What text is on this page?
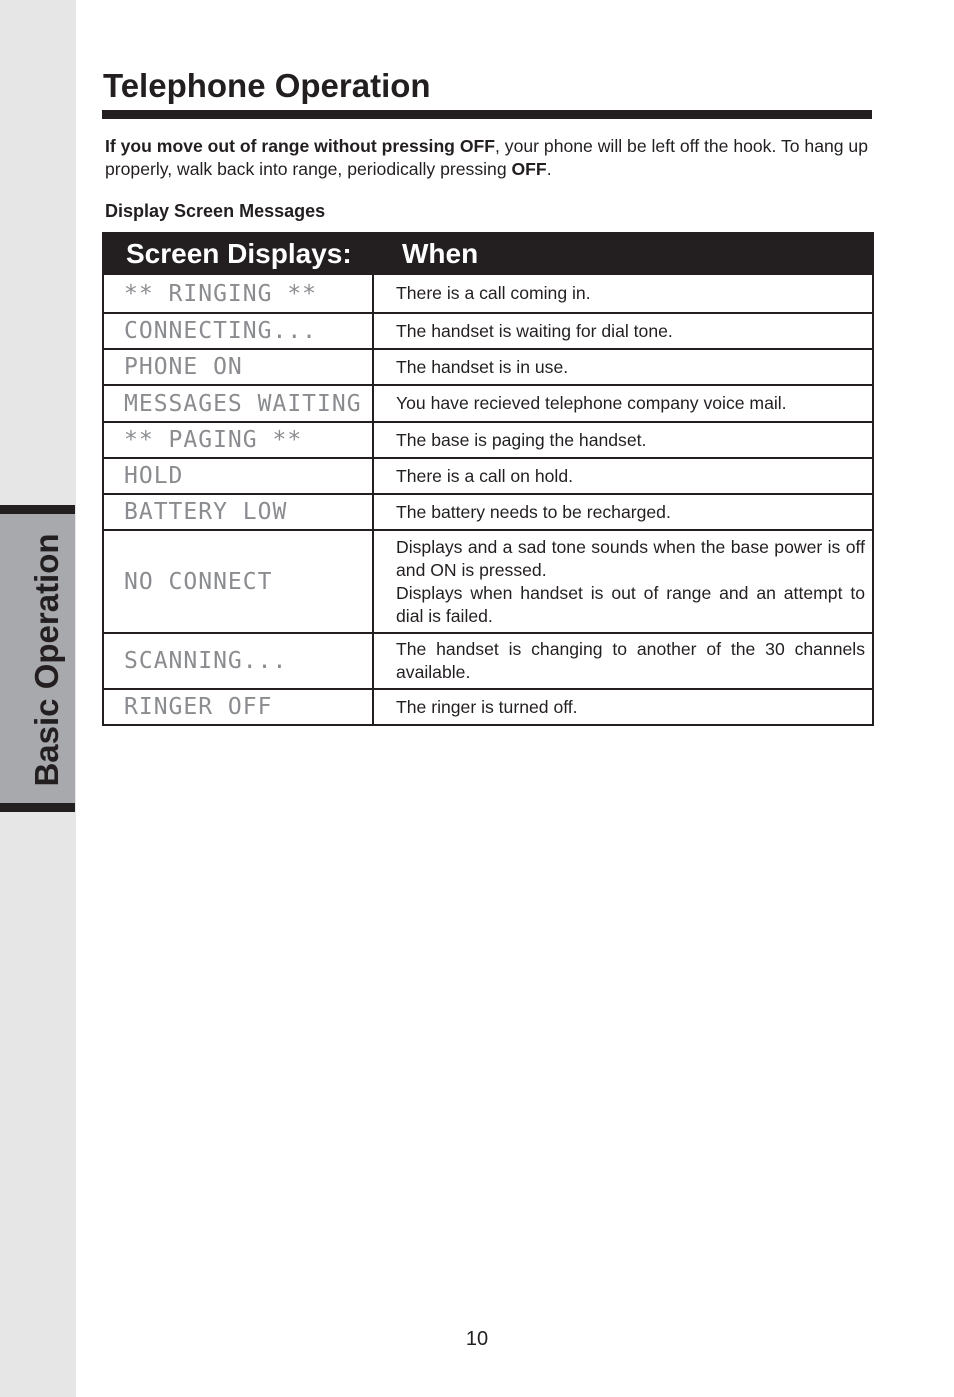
Basic Operation
Telephone Operation

If you move out of range without pressing OFF, your phone will be left off the hook. To hang up properly, walk back into range, periodically pressing OFF.

Display Screen Messages
Screen Displays:	When
** RINGING **	There is a call coming in.
CONNECTING...	The handset is waiting for dial tone.
PHONE ON	The handset is in use.
MESSAGES WAITING	You have recieved telephone company voice mail.
** PAGING **	The base is paging the handset.
HOLD	There is a call on hold.
BATTERY LOW	The battery needs to be recharged.
NO CONNECT	Displays and a sad tone sounds when the base power is off and ON is pressed.
Displays when handset is out of range and an attempt to dial is failed.

SCANNING...	The handset is changing to another of the 30 channels available.
RINGER OFF	The ringer is turned off.

10
